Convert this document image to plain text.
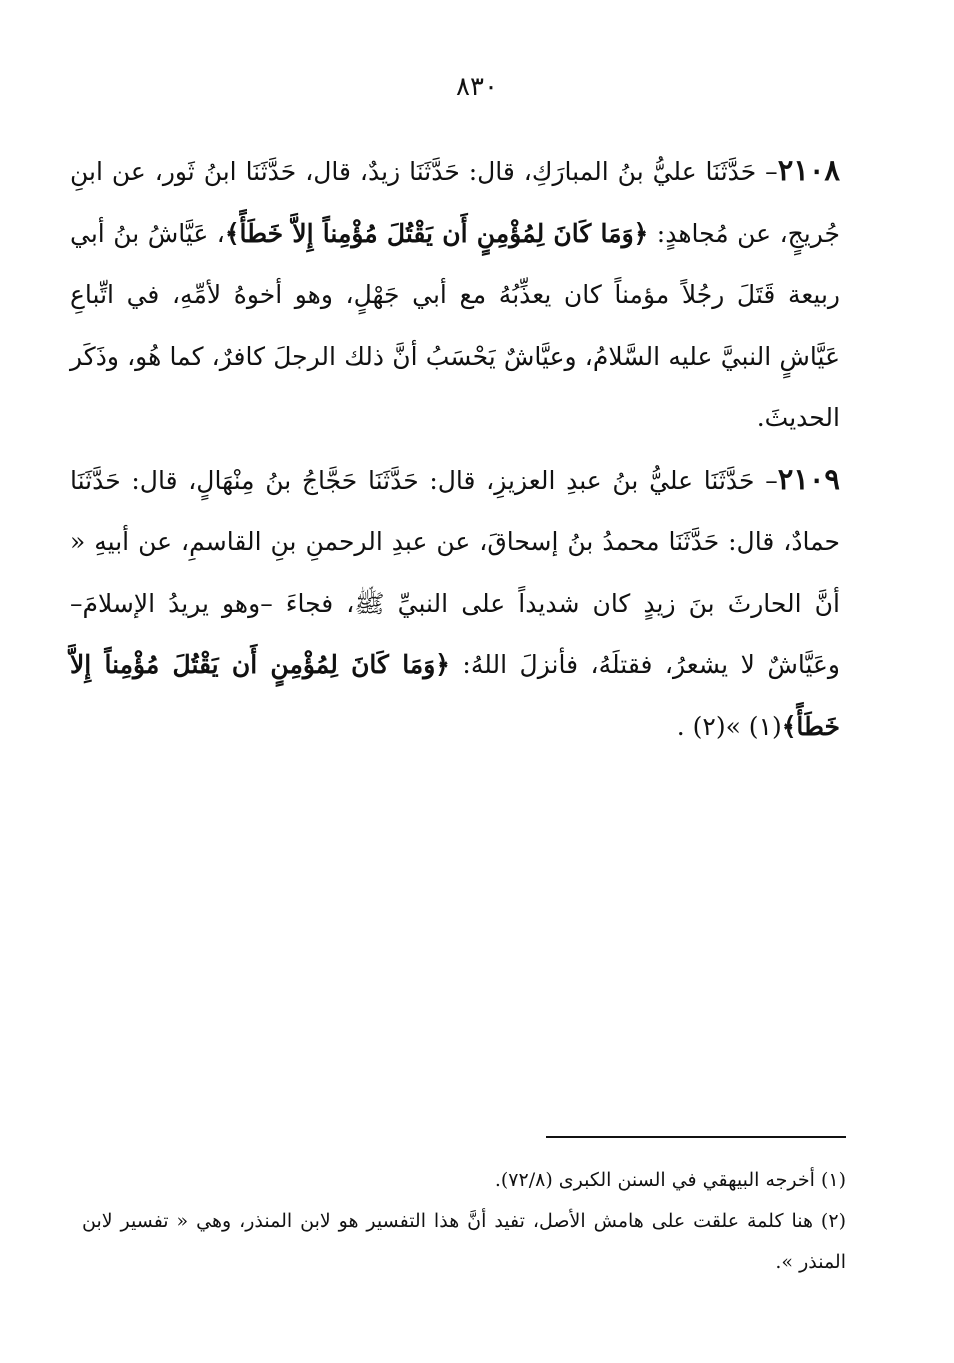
٨٣٠

٢١٠٨– حَدَّثَنَا عليُّ بنُ المبارَكِ، قال: حَدَّثَنَا زيدٌ، قال، حَدَّثَنَا ابنُ ثَور، عن ابنِ جُريجٍ، عن مُجاهدٍ: ﴿وَمَا كَانَ لِمُؤْمِنٍ أَن يَقْتُلَ مُؤْمِناً إِلاَّ خَطَأً﴾، عَيَّاشُ بنُ أبي ربيعة قَتَلَ رجُلاً مؤمناً كان يعذِّبُهُ مع أبي جَهْلٍ، وهو أخوهُ لأمِّهِ، في اتِّباعِ عَيَّاشٍ النبيَّ عليه السَّلامُ، وعيَّاشٌ يَحْسَبُ أنَّ ذلك الرجلَ كافرٌ، كما هُو، وذَكَر الحديثَ.

٢١٠٩– حَدَّثَنَا عليُّ بنُ عبدِ العزيزِ، قال: حَدَّثَنَا حَجَّاجُ بنُ مِنْهَالٍ، قال: حَدَّثَنَا حمادٌ، قال: حَدَّثَنَا محمدُ بنُ إسحاقَ، عن عبدِ الرحمنِ بنِ القاسمِ، عن أبيهِ « أنَّ الحارثَ بنَ زيدٍ كان شديداً على النبيِّ ﷺ، فجاءَ –وهو يريدُ الإسلامَ– وعَيَّاشٌ لا يشعرُ، فقتلَهُ، فأنزلَ اللهُ: ﴿وَمَا كَانَ لِمُؤْمِنٍ أَن يَقْتُلَ مُؤْمِناً إِلاَّ خَطَأً﴾(١) »(٢) .

(١) أخرجه البيهقي في السنن الكبرى (٧٢/٨).

(٢) هنا كلمة علقت على هامش الأصل، تفيد أنَّ هذا التفسير هو لابن المنذر، وهي « تفسير لابن المنذر ».
